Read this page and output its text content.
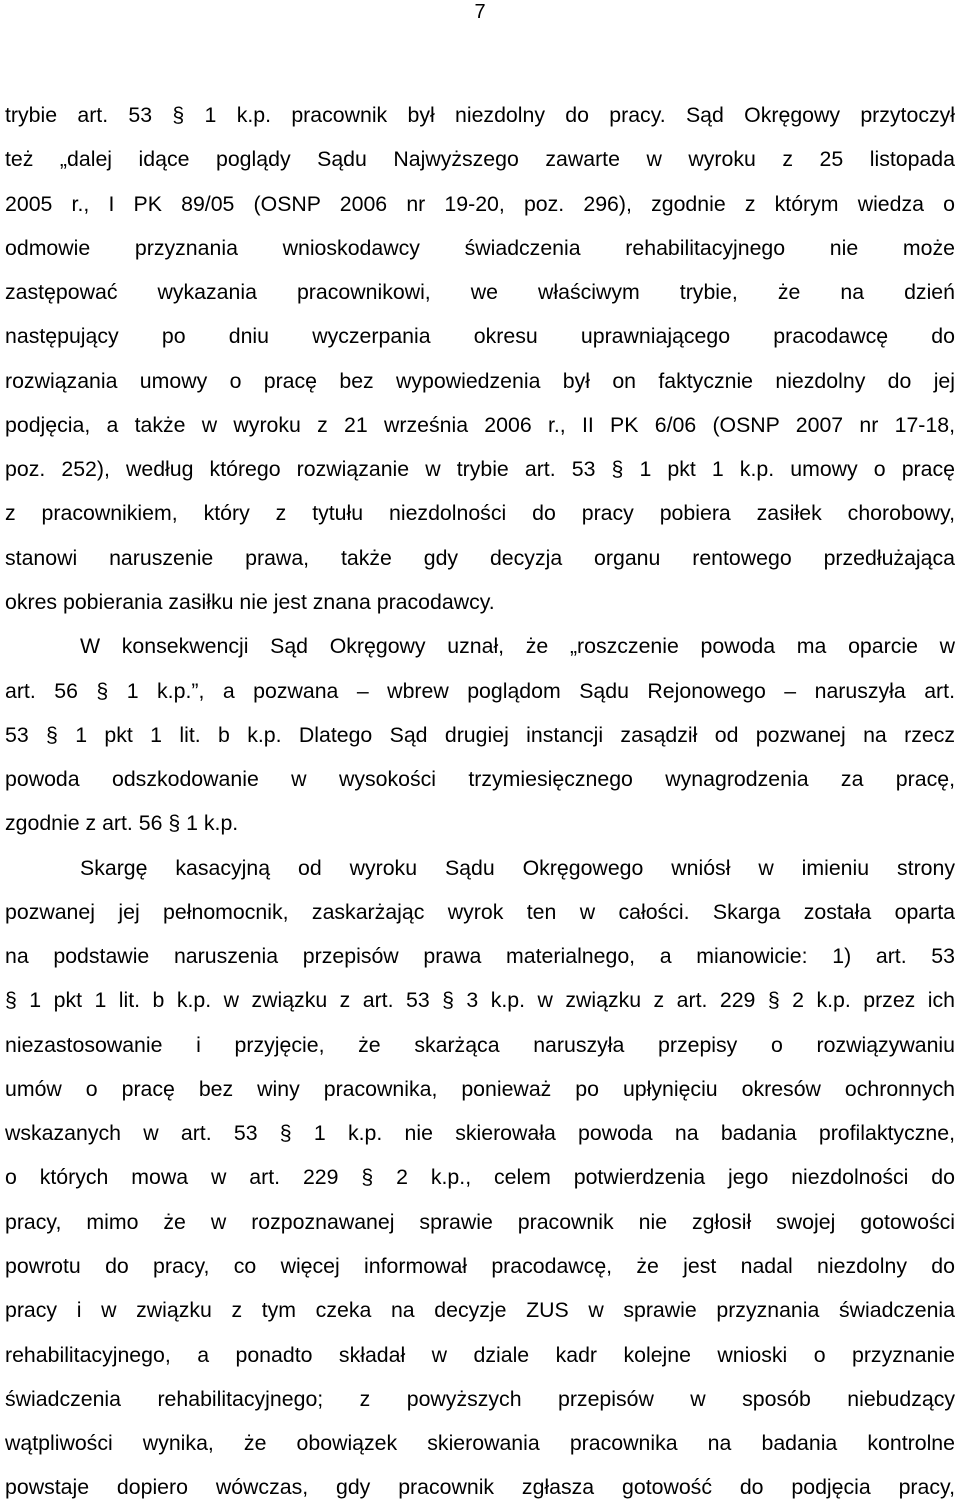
7
trybie art. 53 § 1 k.p. pracownik był niezdolny do pracy. Sąd Okręgowy przytoczył
też „dalej idące poglądy Sądu Najwyższego zawarte w wyroku z 25 listopada
2005 r., I PK 89/05 (OSNP 2006 nr 19-20, poz. 296), zgodnie z którym wiedza o
odmowie przyznania wnioskodawcy świadczenia rehabilitacyjnego nie może
zastępować wykazania pracownikowi, we właściwym trybie, że na dzień
następujący po dniu wyczerpania okresu uprawniającego pracodawcę do
rozwiązania umowy o pracę bez wypowiedzenia był on faktycznie niezdolny do jej
podjęcia, a także w wyroku z 21 września 2006 r., II PK 6/06 (OSNP 2007 nr 17-18,
poz. 252), według którego rozwiązanie w trybie art. 53 § 1 pkt 1 k.p. umowy o pracę
z pracownikiem, który z tytułu niezdolności do pracy pobiera zasiłek chorobowy,
stanowi naruszenie prawa, także gdy decyzja organu rentowego przedłużająca
okres pobierania zasiłku nie jest znana pracodawcy.
W konsekwencji Sąd Okręgowy uznał, że „roszczenie powoda ma oparcie w
art. 56 § 1 k.p.”, a pozwana – wbrew poglądom Sądu Rejonowego – naruszyła art.
53 § 1 pkt 1 lit. b k.p. Dlatego Sąd drugiej instancji zasądził od pozwanej na rzecz
powoda odszkodowanie w wysokości trzymiesięcznego wynagrodzenia za pracę,
zgodnie z art. 56 § 1 k.p.
Skargę kasacyjną od wyroku Sądu Okręgowego wniósł w imieniu strony
pozwanej jej pełnomocnik, zaskarżając wyrok ten w całości. Skarga została oparta
na podstawie naruszenia przepisów prawa materialnego, a mianowicie: 1) art. 53
§ 1 pkt 1 lit. b k.p. w związku z art. 53 § 3 k.p. w związku z art. 229 § 2 k.p. przez ich
niezastosowanie i przyjęcie, że skarżąca naruszyła przepisy o rozwiązywaniu
umów o pracę bez winy pracownika, ponieważ po upłynięciu okresów ochronnych
wskazanych w art. 53 § 1 k.p. nie skierowała powoda na badania profilaktyczne,
o których mowa w art. 229 § 2 k.p., celem potwierdzenia jego niezdolności do
pracy, mimo że w rozpoznawanej sprawie pracownik nie zgłosił swojej gotowości
powrotu do pracy, co więcej informował pracodawcę, że jest nadal niezdolny do
pracy i w związku z tym czeka na decyzje ZUS w sprawie przyznania świadczenia
rehabilitacyjnego, a ponadto składał w dziale kadr kolejne wnioski o przyznanie
świadczenia rehabilitacyjnego; z powyższych przepisów w sposób niebudzący
wątpliwości wynika, że obowiązek skierowania pracownika na badania kontrolne
powstaje dopiero wówczas, gdy pracownik zgłasza gotowość do podjęcia pracy,
